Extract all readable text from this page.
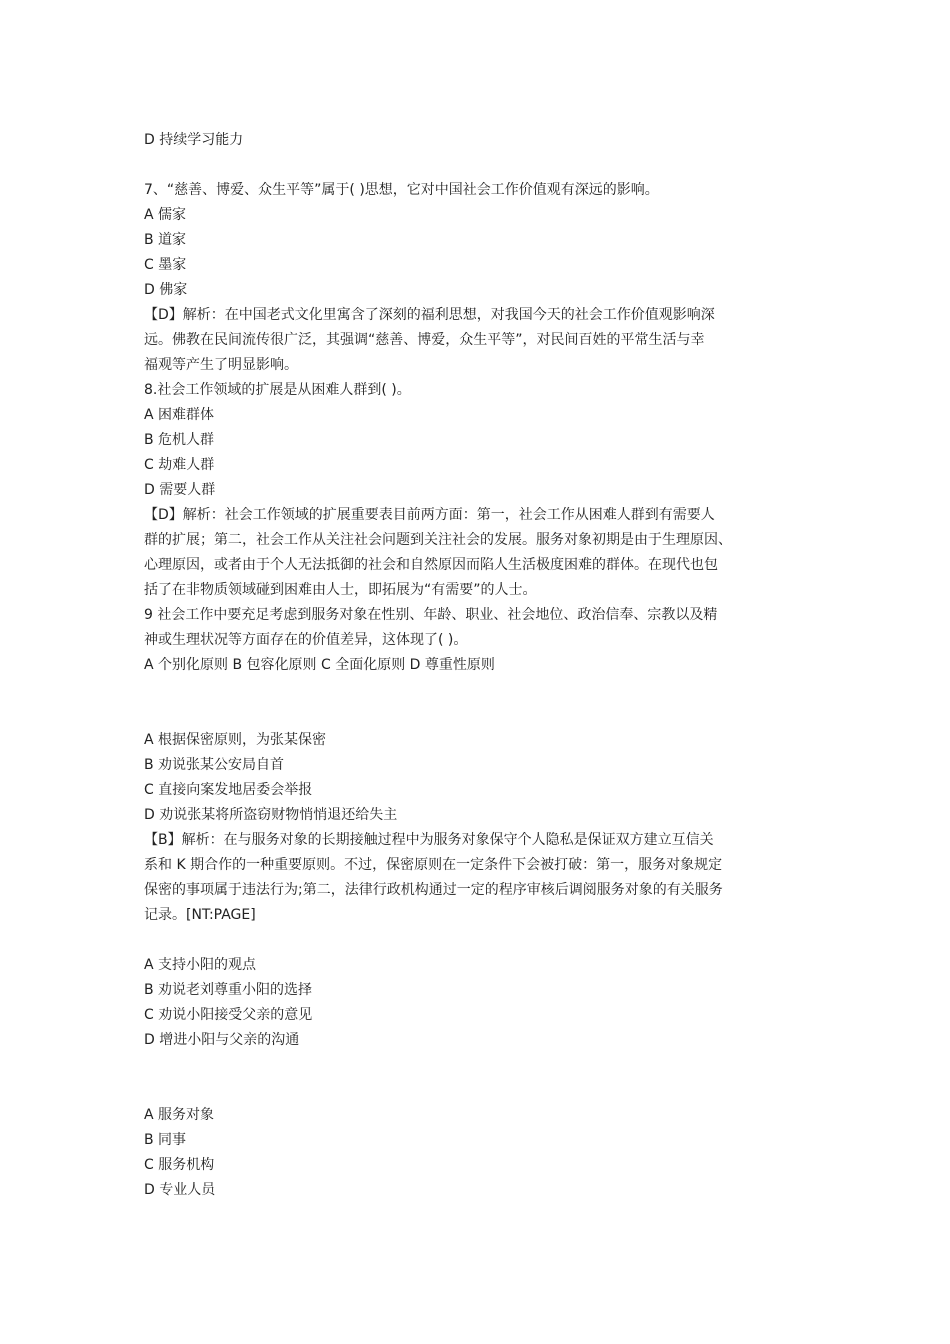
D 持续学习能力
7、“慈善、博爱、众生平等”属于( )思想，它对中国社会工作价值观有深远的影响。
A 儒家
B 道家
C 墨家
D 佛家
【D】解析：在中国老式文化里寓含了深刻的福利思想，对我国今天的社会工作价值观影响深
远。佛教在民间流传很广泛，其强调“慈善、博爱，众生平等”，对民间百姓的平常生活与幸
福观等产生了明显影响。
8.社会工作领域的扩展是从困难人群到( )。
A 困难群体
B 危机人群
C 劫难人群
D 需要人群
【D】解析：社会工作领域的扩展重要表目前两方面：第一，社会工作从困难人群到有需要人
群的扩展；第二，社会工作从关注社会问题到关注社会的发展。服务对象初期是由于生理原因、
心理原因，或者由于个人无法抵御的社会和自然原因而陷人生活极度困难的群体。在现代也包
括了在非物质领域碰到困难由人士，即拓展为“有需要”的人士。
9 社会工作中要充足考虑到服务对象在性别、年龄、职业、社会地位、政治信奉、宗教以及精
神或生理状况等方面存在的价值差异，这体现了( )。
A 个别化原则 B 包容化原则 C 全面化原则 D 尊重性原则
A 根据保密原则，为张某保密
B 劝说张某公安局自首
C 直接向案发地居委会举报
D 劝说张某将所盗窃财物悄悄退还给失主
【B】解析：在与服务对象的长期接触过程中为服务对象保守个人隐私是保证双方建立互信关
系和 K 期合作的一种重要原则。不过，保密原则在一定条件下会被打破：第一，服务对象规定
保密的事项属于违法行为;第二，法律行政机构通过一定的程序审核后调阅服务对象的有关服务
记录。[NT:PAGE]
A 支持小阳的观点
B 劝说老刘尊重小阳的选择
C 劝说小阳接受父亲的意见
D 增进小阳与父亲的沟通
A 服务对象
B 同事
C 服务机构
D 专业人员
